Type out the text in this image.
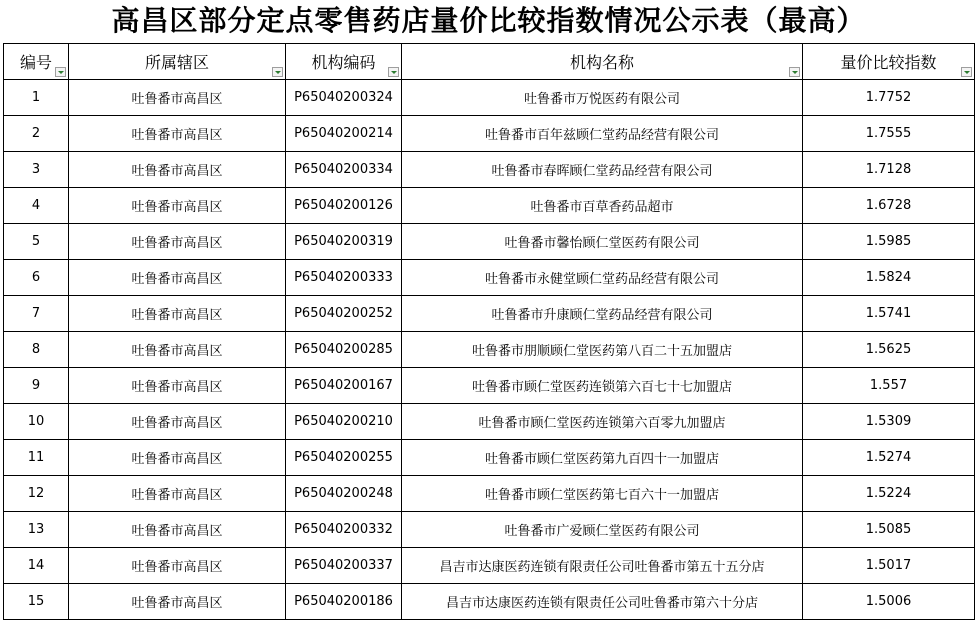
高昌区部分定点零售药店量价比较指数情况公示表（最高）
编号	所属辖区	机构编码	机构名称	量价比较指数

1	吐鲁番市高昌区	P65040200324	吐鲁番市万悦医药有限公司	1.7752
2	吐鲁番市高昌区	P65040200214	吐鲁番市百年兹顾仁堂药品经营有限公司	1.7555
3	吐鲁番市高昌区	P65040200334	吐鲁番市春晖顾仁堂药品经营有限公司	1.7128
4	吐鲁番市高昌区	P65040200126	吐鲁番市百草香药品超市	1.6728
5	吐鲁番市高昌区	P65040200319	吐鲁番市馨怡顾仁堂医药有限公司	1.5985
6	吐鲁番市高昌区	P65040200333	吐鲁番市永健堂顾仁堂药品经营有限公司	1.5824
7	吐鲁番市高昌区	P65040200252	吐鲁番市升康顾仁堂药品经营有限公司	1.5741
8	吐鲁番市高昌区	P65040200285	吐鲁番市朋顺顾仁堂医药第八百二十五加盟店	1.5625
9	吐鲁番市高昌区	P65040200167	吐鲁番市顾仁堂医药连锁第六百七十七加盟店	1.557
10	吐鲁番市高昌区	P65040200210	吐鲁番市顾仁堂医药连锁第六百零九加盟店	1.5309
11	吐鲁番市高昌区	P65040200255	吐鲁番市顾仁堂医药第九百四十一加盟店	1.5274
12	吐鲁番市高昌区	P65040200248	吐鲁番市顾仁堂医药第七百六十一加盟店	1.5224
13	吐鲁番市高昌区	P65040200332	吐鲁番市广爱顾仁堂医药有限公司	1.5085
14	吐鲁番市高昌区	P65040200337	昌吉市达康医药连锁有限责任公司吐鲁番市第五十五分店	1.5017
15	吐鲁番市高昌区	P65040200186	昌吉市达康医药连锁有限责任公司吐鲁番市第六十分店	1.5006
